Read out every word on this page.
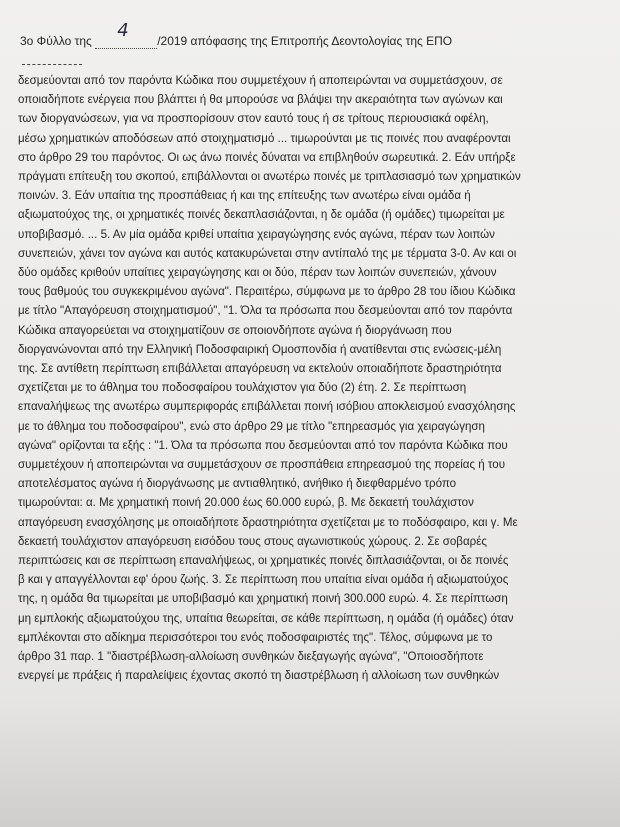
3ο Φύλλο της 4 /2019 απόφασης της Επιτροπής Δεοντολογίας της ΕΠΟ
δεσμεύονται από τον παρόντα Κώδικα που συμμετέχουν ή αποπειρώνται να συμμετάσχουν, σε
οποιαδήποτε ενέργεια που βλάπτει ή θα μπορούσε να βλάψει την ακεραιότητα των αγώνων και
των διοργανώσεων, για να προσπορίσουν στον εαυτό τους ή σε τρίτους περιουσιακά οφέλη,
μέσω χρηματικών αποδόσεων από στοιχηματισμό ... τιμωρούνται με τις ποινές που αναφέρονται
στο άρθρο 29 του παρόντος. Οι ως άνω ποινές δύναται να επιβληθούν σωρευτικά. 2. Εάν υπήρξε
πράγματι επίτευξη του σκοπού, επιβάλλονται οι ανωτέρω ποινές με τριπλασιασμό των χρηματικών
ποινών. 3. Εάν υπαίτια της προσπάθειας ή και της επίτευξης των ανωτέρω είναι ομάδα ή
αξιωματούχος της, οι χρηματικές ποινές δεκαπλασιάζονται, η δε ομάδα (ή ομάδες) τιμωρείται με
υποβιβασμό. ... 5. Αν μία ομάδα κριθεί υπαίτια χειραγώγησης ενός αγώνα, πέραν των λοιπών
συνεπειών, χάνει τον αγώνα και αυτός κατακυρώνεται στην αντίπαλό της με τέρματα 3-0. Αν και οι
δύο ομάδες κριθούν υπαίτιες χειραγώγησης και οι δύο, πέραν των λοιπών συνεπειών, χάνουν
τους βαθμούς του συγκεκριμένου αγώνα". Περαιτέρω, σύμφωνα με το άρθρο 28 του ίδιου Κώδικα
με τίτλο "Απαγόρευση στοιχηματισμού", "1. Όλα τα πρόσωπα που δεσμεύονται από τον παρόντα
Κώδικα απαγορεύεται να στοιχηματίζουν σε οποιονδήποτε αγώνα ή διοργάνωση που
διοργανώνονται από την Ελληνική Ποδοσφαιρική Ομοσπονδία ή ανατίθενται στις ενώσεις-μέλη
της. Σε αντίθετη περίπτωση επιβάλλεται απαγόρευση να εκτελούν οποιαδήποτε δραστηριότητα
σχετίζεται με το άθλημα του ποδοσφαίρου τουλάχιστον για δύο (2) έτη. 2. Σε περίπτωση
επαναλήψεως της ανωτέρω συμπεριφοράς επιβάλλεται ποινή ισόβιου αποκλεισμού ενασχόλησης
με το άθλημα του ποδοσφαίρου", ενώ στο άρθρο 29 με τίτλο "επηρεασμός για χειραγώγηση
αγώνα" ορίζονται τα εξής : "1. Όλα τα πρόσωπα που δεσμεύονται από τον παρόντα Κώδικα που
συμμετέχουν ή αποπειρώνται να συμμετάσχουν σε προσπάθεια επηρεασμού της πορείας ή του
αποτελέσματος αγώνα ή διοργάνωσης με αντιαθλητικό, ανήθικο ή διεφθαρμένο τρόπο
τιμωρούνται: α. Με χρηματική ποινή 20.000 έως 60.000 ευρώ, β. Με δεκαετή τουλάχιστον
απαγόρευση ενασχόλησης με οποιαδήποτε δραστηριότητα σχετίζεται με το ποδόσφαιρο, και γ. Με
δεκαετή τουλάχιστον απαγόρευση εισόδου τους στους αγωνιστικούς χώρους. 2. Σε σοβαρές
περιπτώσεις και σε περίπτωση επαναλήψεως, οι χρηματικές ποινές διπλασιάζονται, οι δε ποινές
β και γ απαγγέλλονται εφ' όρου ζωής. 3. Σε περίπτωση που υπαίτια είναι ομάδα ή αξιωματούχος
της, η ομάδα θα τιμωρείται με υποβιβασμό και χρηματική ποινή 300.000 ευρώ. 4. Σε περίπτωση
μη εμπλοκής αξιωματούχου της, υπαίτια θεωρείται, σε κάθε περίπτωση, η ομάδα (ή ομάδες) όταν
εμπλέκονται στο αδίκημα περισσότεροι του ενός ποδοσφαιριστές της". Τέλος, σύμφωνα με το
άρθρο 31 παρ. 1 "διαστρέβλωση-αλλοίωση συνθηκών διεξαγωγής αγώνα", "Οποιοσδήποτε
ενεργεί με πράξεις ή παραλείψεις έχοντας σκοπό τη διαστρέβλωση ή αλλοίωση των συνθηκών
